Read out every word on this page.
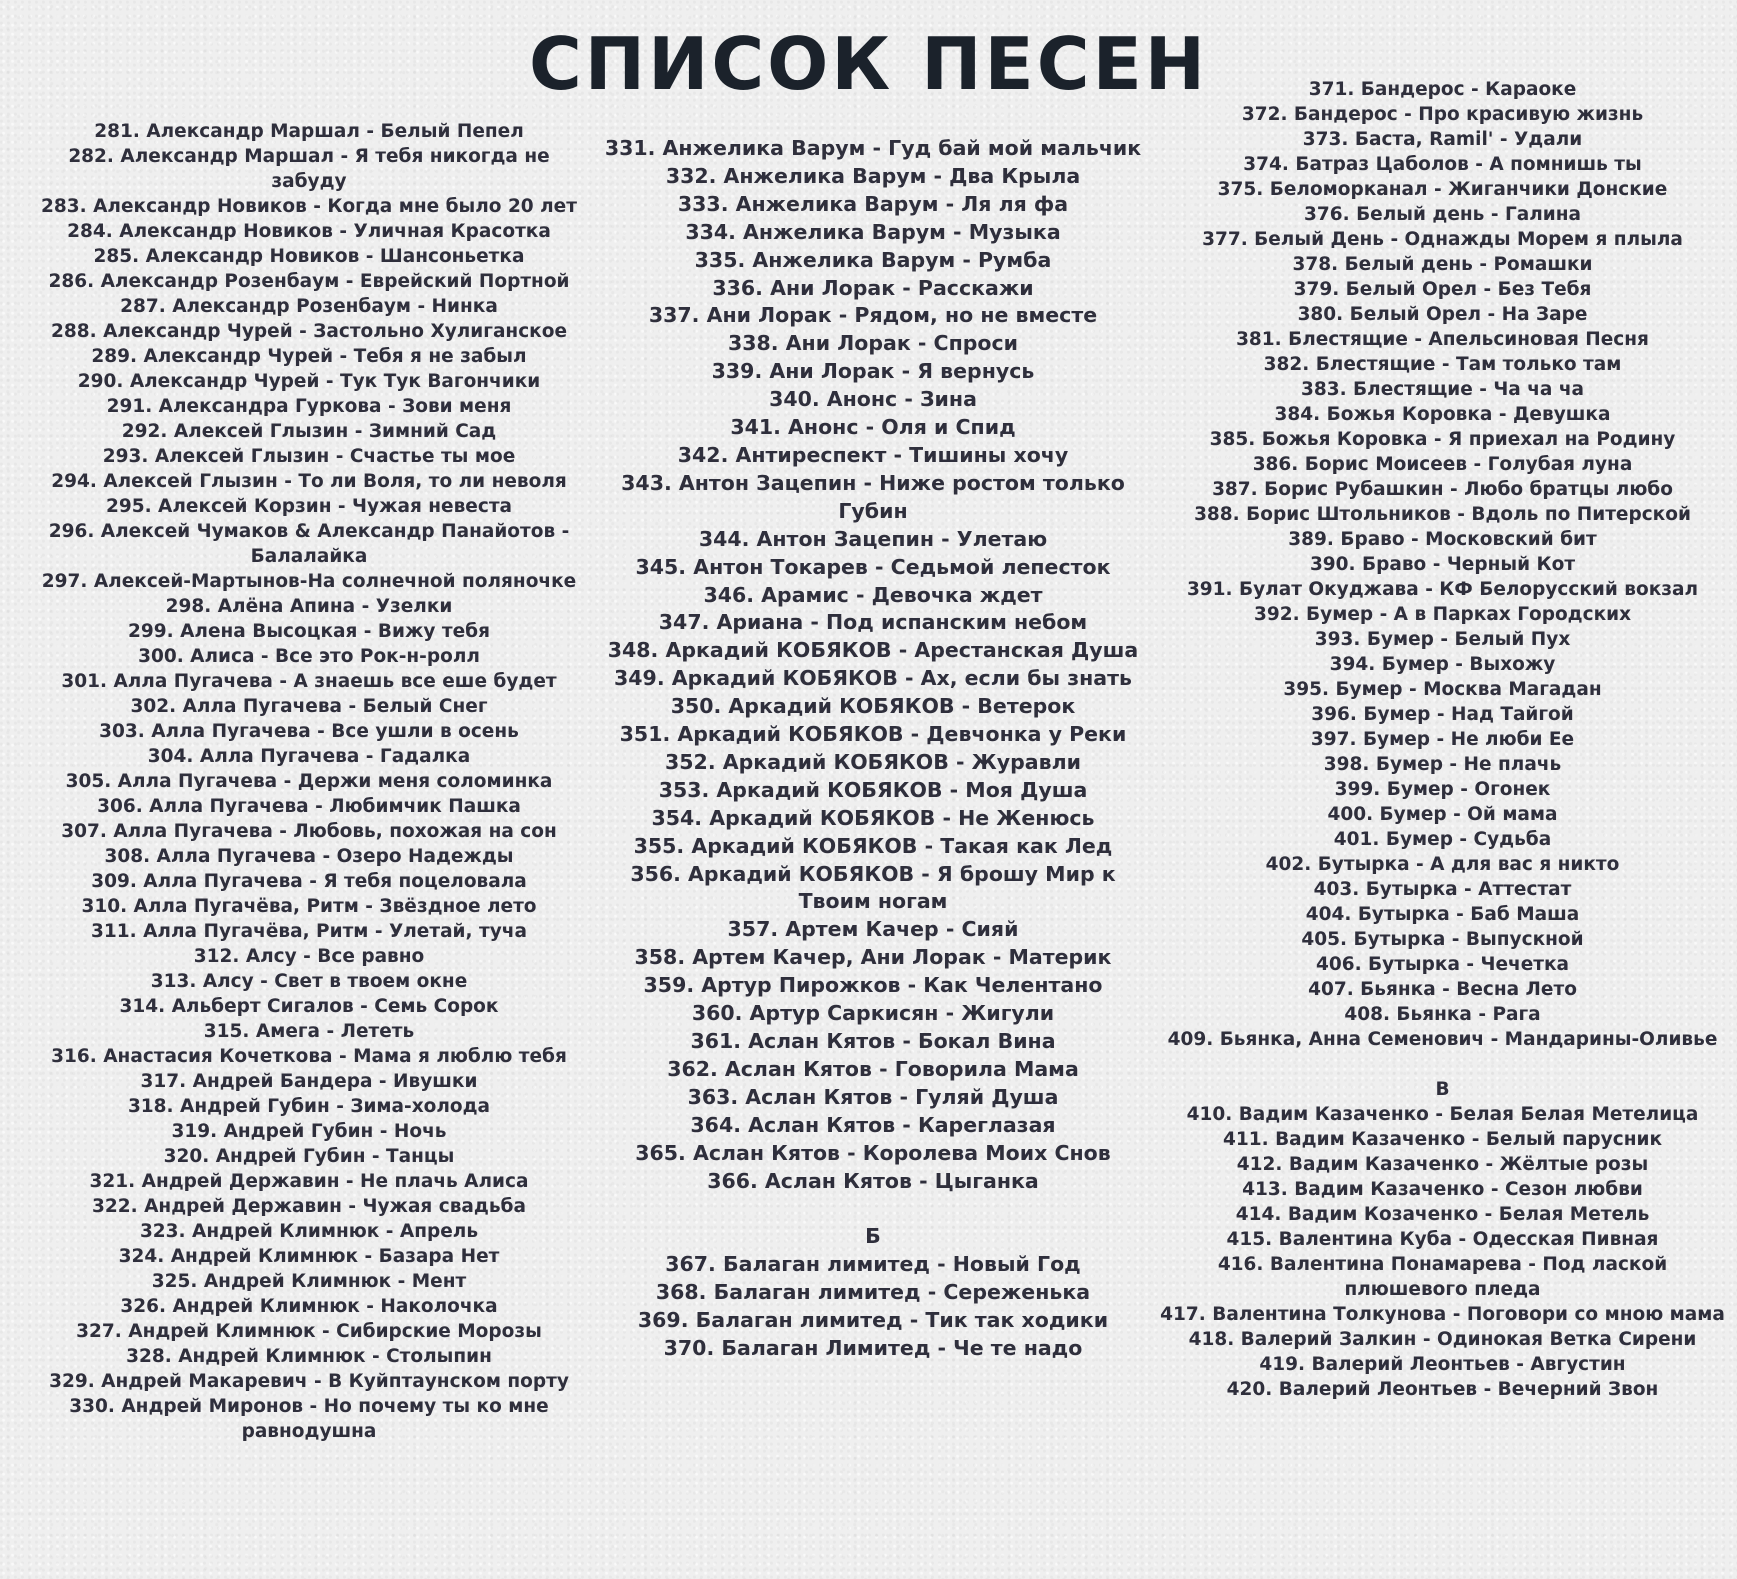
СПИСОК ПЕСЕН
281. Александр Маршал - Белый Пепел
282. Александр Маршал - Я тебя никогда не забуду
283. Александр Новиков - Когда мне было 20 лет
284. Александр Новиков - Уличная Красотка
285. Александр Новиков - Шансоньетка
286. Александр Розенбаум - Еврейский Портной
287. Александр Розенбаум - Нинка
288. Александр Чурей - Застольно Хулиганское
289. Александр Чурей - Тебя я не забыл
290. Александр Чурей - Тук Тук Вагончики
291. Александра Гуркова - Зови меня
292. Алексей Глызин - Зимний Сад
293. Алексей Глызин - Счастье ты мое
294. Алексей Глызин - То ли Воля, то ли неволя
295. Алексей Корзин - Чужая невеста
296. Алексей Чумаков & Александр Панайотов - Балалайка
297. Алексей-Мартынов-На солнечной поляночке
298. Алёна Апина - Узелки
299. Алена Высоцкая - Вижу тебя
300. Алиса - Все это Рок-н-ролл
301. Алла Пугачева - А знаешь все еше будет
302. Алла Пугачева - Белый Снег
303. Алла Пугачева - Все ушли в осень
304. Алла Пугачева - Гадалка
305. Алла Пугачева - Держи меня соломинка
306. Алла Пугачева - Любимчик Пашка
307. Алла Пугачева - Любовь, похожая на сон
308. Алла Пугачева - Озеро Надежды
309. Алла Пугачева - Я тебя поцеловала
310. Алла Пугачёва, Ритм - Звёздное лето
311. Алла Пугачёва, Ритм - Улетай, туча
312. Алсу - Все равно
313. Алсу - Свет в твоем окне
314. Альберт Сигалов - Семь Сорок
315. Амега - Лететь
316. Анастасия Кочеткова - Мама я люблю тебя
317. Андрей Бандера - Ивушки
318. Андрей Губин - Зима-холода
319. Андрей Губин - Ночь
320. Андрей Губин - Танцы
321. Андрей Державин - Не плачь Алиса
322. Андрей Державин - Чужая свадьба
323. Андрей Климнюк - Апрель
324. Андрей Климнюк - Базара Нет
325. Андрей Климнюк - Мент
326. Андрей Климнюк - Наколочка
327. Андрей Климнюк - Сибирские Морозы
328. Андрей Климнюк - Столыпин
329. Андрей Макаревич - В Куйптаунском порту
330. Андрей Миронов - Но почему ты ко мне равнодушна
331. Анжелика Варум - Гуд бай мой мальчик
332. Анжелика Варум - Два Крыла
333. Анжелика Варум - Ля ля фа
334. Анжелика Варум - Музыка
335. Анжелика Варум - Румба
336. Ани Лорак - Расскажи
337. Ани Лорак - Рядом, но не вместе
338. Ани Лорак - Спроси
339. Ани Лорак - Я вернусь
340. Анонс - Зина
341. Анонс - Оля и Спид
342. Антиреспект - Тишины хочу
343. Антон Зацепин - Ниже ростом только Губин
344. Антон Зацепин - Улетаю
345. Антон Токарев - Седьмой лепесток
346. Арамис - Девочка ждет
347. Ариана - Под испанским небом
348. Аркадий КОБЯКОВ - Арестанская Душа
349. Аркадий КОБЯКОВ - Ах, если бы знать
350. Аркадий КОБЯКОВ - Ветерок
351. Аркадий КОБЯКОВ - Девчонка у Реки
352. Аркадий КОБЯКОВ - Журавли
353. Аркадий КОБЯКОВ - Моя Душа
354. Аркадий КОБЯКОВ - Не Женюсь
355. Аркадий КОБЯКОВ - Такая как Лед
356. Аркадий КОБЯКОВ - Я брошу Мир к Твоим ногам
357. Артем Качер - Сияй
358. Артем Качер, Ани Лорак - Материк
359. Артур Пирожков - Как Челентано
360. Артур Саркисян - Жигули
361. Аслан Кятов - Бокал Вина
362. Аслан Кятов - Говорила Мама
363. Аслан Кятов - Гуляй Душа
364. Аслан Кятов - Кареглазая
365. Аслан Кятов - Королева Моих Снов
366. Аслан Кятов - Цыганка

Б
367. Балаган лимитед - Новый Год
368. Балаган лимитед - Сереженька
369. Балаган лимитед - Тик так ходики
370. Балаган Лимитед - Че те надо
371. Бандерос - Караоке
372. Бандерос - Про красивую жизнь
373. Баста, Ramil' - Удали
374. Батраз Цаболов - А помнишь ты
375. Беломорканал - Жиганчики Донские
376. Белый день - Галина
377. Белый День - Однажды Морем я плыла
378. Белый день - Ромашки
379. Белый Орел - Без Тебя
380. Белый Орел - На Заре
381. Блестящие - Апельсиновая Песня
382. Блестящие - Там только там
383. Блестящие - Ча ча ча
384. Божья Коровка - Девушка
385. Божья Коровка - Я приехал на Родину
386. Борис Моисеев - Голубая луна
387. Борис Рубашкин - Любо братцы любо
388. Борис Штольников - Вдоль по Питерской
389. Браво - Московский бит
390. Браво - Черный Кот
391. Булат Окуджава - КФ Белорусский вокзал
392. Бумер - А в Парках Городских
393. Бумер - Белый Пух
394. Бумер - Выхожу
395. Бумер - Москва Магадан
396. Бумер - Над Тайгой
397. Бумер - Не люби Ее
398. Бумер - Не плачь
399. Бумер - Огонек
400. Бумер - Ой мама
401. Бумер - Судьба
402. Бутырка - А для вас я никто
403. Бутырка - Аттестат
404. Бутырка - Баб Маша
405. Бутырка - Выпускной
406. Бутырка - Чечетка
407. Бьянка - Весна Лето
408. Бьянка - Рага
409. Бьянка, Анна Семенович - Мандарины-Оливье

В
410. Вадим Казаченко - Белая Белая Метелица
411. Вадим Казаченко - Белый парусник
412. Вадим Казаченко - Жёлтые розы
413. Вадим Казаченко - Сезон любви
414. Вадим Козаченко - Белая Метель
415. Валентина Куба - Одесская Пивная
416. Валентина Понамарева - Под лаской плюшевого пледа
417. Валентина Толкунова - Поговори со мною мама
418. Валерий Залкин - Одинокая Ветка Сирени
419. Валерий Леонтьев - Августин
420. Валерий Леонтьев - Вечерний Звон
